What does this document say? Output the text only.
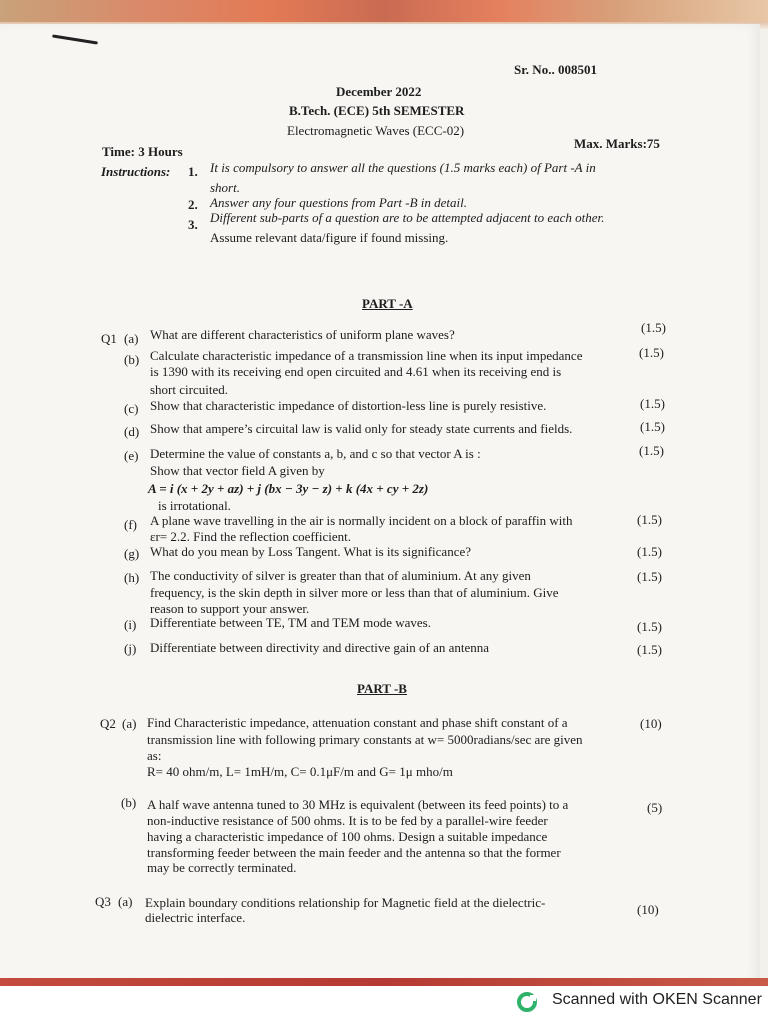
Sr. No.. 008501
December 2022
B.Tech. (ECE) 5th SEMESTER
Electromagnetic Waves (ECC-02)
Time: 3 Hours
Max. Marks:75
Instructions: 1. It is compulsory to answer all the questions (1.5 marks each) of Part -A in
short.
2. Answer any four questions from Part -B in detail.
3. Different sub-parts of a question are to be attempted adjacent to each other.
Assume relevant data/figure if found missing.
PART -A
Q1 (a) What are different characteristics of uniform plane waves?	(1.5)
(b) Calculate characteristic impedance of a transmission line when its input impedance
is 1390 with its receiving end open circuited and 4.61 when its receiving end is
short circuited.
(1.5)
(c) Show that characteristic impedance of distortion-less line is purely resistive.	(1.5)
(d) Show that ampere’s circuital law is valid only for steady state currents and fields.	(1.5)
(e) Determine the value of constants a, b, and c so that vector A is :
Show that vector field A given by
A = i (x + 2y + az) + j (bx − 3y − z) + k (4x + cy + 2z)
is irrotational.
(1.5)
(f) A plane wave travelling in the air is normally incident on a block of paraffin with
εr= 2.2. Find the reflection coefficient.
(1.5)
(g) What do you mean by Loss Tangent. What is its significance?	(1.5)
(h) The conductivity of silver is greater than that of aluminium. At any given
frequency, is the skin depth in silver more or less than that of aluminium. Give
reason to support your answer.
(1.5)
(i) Differentiate between TE, TM and TEM mode waves.	(1.5)
(j) Differentiate between directivity and directive gain of an antenna	(1.5)
PART -B
Q2 (a) Find Characteristic impedance, attenuation constant and phase shift constant of a
transmission line with following primary constants at w= 5000radians/sec are given
as:
R= 40 ohm/m, L= 1mH/m, C= 0.1μF/m and G= 1μ mho/m
(10)
(b) A half wave antenna tuned to 30 MHz is equivalent (between its feed points) to a
non-inductive resistance of 500 ohms. It is to be fed by a parallel-wire feeder
having a characteristic impedance of 100 ohms. Design a suitable impedance
transforming feeder between the main feeder and the antenna so that the former
may be correctly terminated.
(5)
Q3 (a) Explain boundary conditions relationship for Magnetic field at the dielectric-
dielectric interface.
(10)
Scanned with OKEN Scanner
